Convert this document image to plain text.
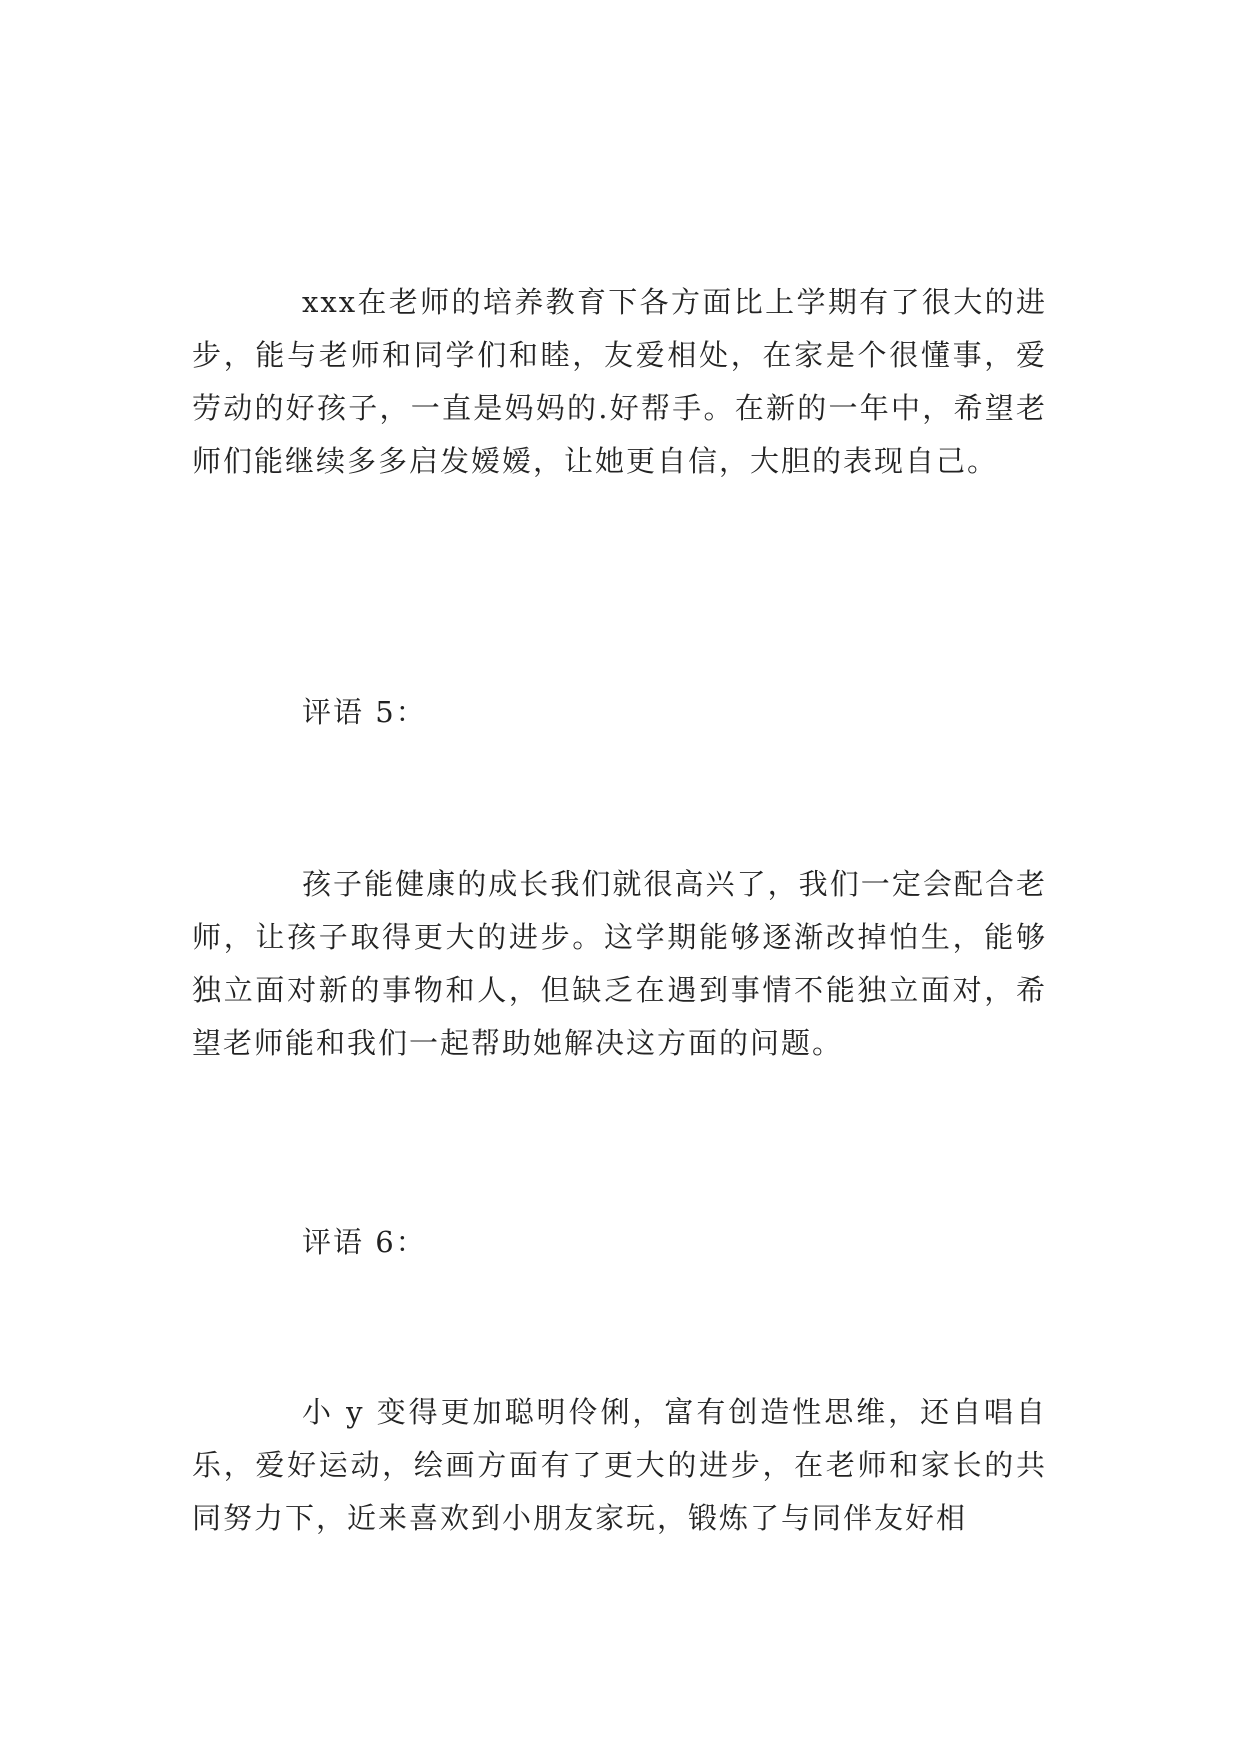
xxx在老师的培养教育下各方面比上学期有了很大的进步，能与老师和同学们和睦，友爱相处，在家是个很懂事，爱劳动的好孩子，一直是妈妈的.好帮手。在新的一年中，希望老师们能继续多多启发嫒嫒，让她更自信，大胆的表现自己。

评语 5：

孩子能健康的成长我们就很高兴了，我们一定会配合老师，让孩子取得更大的进步。这学期能够逐渐改掉怕生，能够独立面对新的事物和人，但缺乏在遇到事情不能独立面对，希望老师能和我们一起帮助她解决这方面的问题。

评语 6：

小 y 变得更加聪明伶俐，富有创造性思维，还自唱自乐，爱好运动，绘画方面有了更大的进步，在老师和家长的共同努力下，近来喜欢到小朋友家玩，锻炼了与同伴友好相
